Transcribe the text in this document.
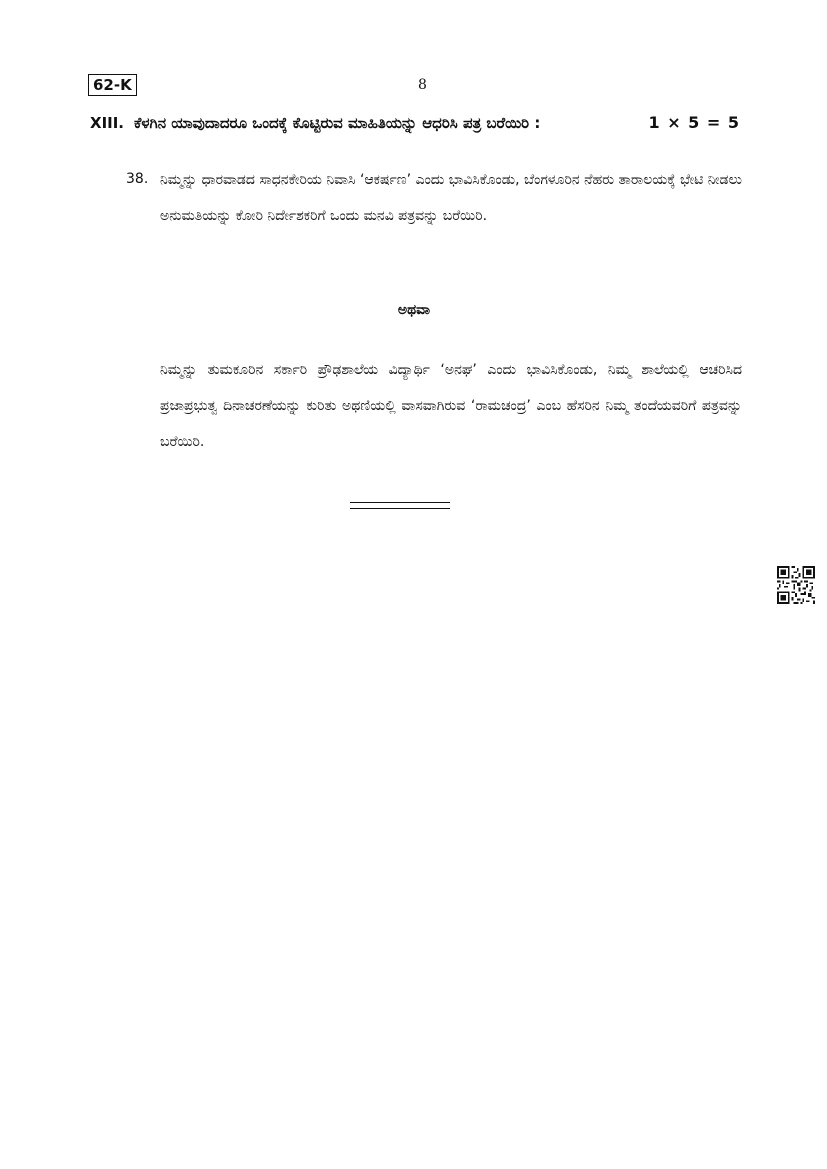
62-K	8
XIII. ಕೆಳಗಿನ ಯಾವುದಾದರೂ ಒಂದಕ್ಕೆ ಕೊಟ್ಟಿರುವ ಮಾಹಿತಿಯನ್ನು ಆಧರಿಸಿ ಪತ್ರ ಬರೆಯಿರಿ :	1 × 5 = 5
38. ನಿಮ್ಮನ್ನು ಧಾರವಾಡದ ಸಾಧನಕೇರಿಯ ನಿವಾಸಿ ‘ಆಕರ್ಷಣ’ ಎಂದು ಭಾವಿಸಿಕೊಂಡು, ಬೆಂಗಳೂರಿನ ನೆಹರು ತಾರಾಲಯಕ್ಕೆ ಭೇಟಿ ನೀಡಲು ಅನುಮತಿಯನ್ನು ಕೋರಿ ನಿರ್ದೇಶಕರಿಗೆ ಒಂದು ಮನವಿ ಪತ್ರವನ್ನು ಬರೆಯಿರಿ.
ಅಥವಾ
ನಿಮ್ಮನ್ನು ತುಮಕೂರಿನ ಸರ್ಕಾರಿ ಪ್ರೌಢಶಾಲೆಯ ವಿದ್ಯಾರ್ಥಿ ‘ಅನಘ’ ಎಂದು ಭಾವಿಸಿಕೊಂಡು, ನಿಮ್ಮ ಶಾಲೆಯಲ್ಲಿ ಆಚರಿಸಿದ ಪ್ರಜಾಪ್ರಭುತ್ವ ದಿನಾಚರಣೆಯನ್ನು ಕುರಿತು ಅಥಣಿಯಲ್ಲಿ ವಾಸವಾಗಿರುವ ‘ರಾಮಚಂದ್ರ’ ಎಂಬ ಹೆಸರಿನ ನಿಮ್ಮ ತಂದೆಯವರಿಗೆ ಪತ್ರವನ್ನು ಬರೆಯಿರಿ.
